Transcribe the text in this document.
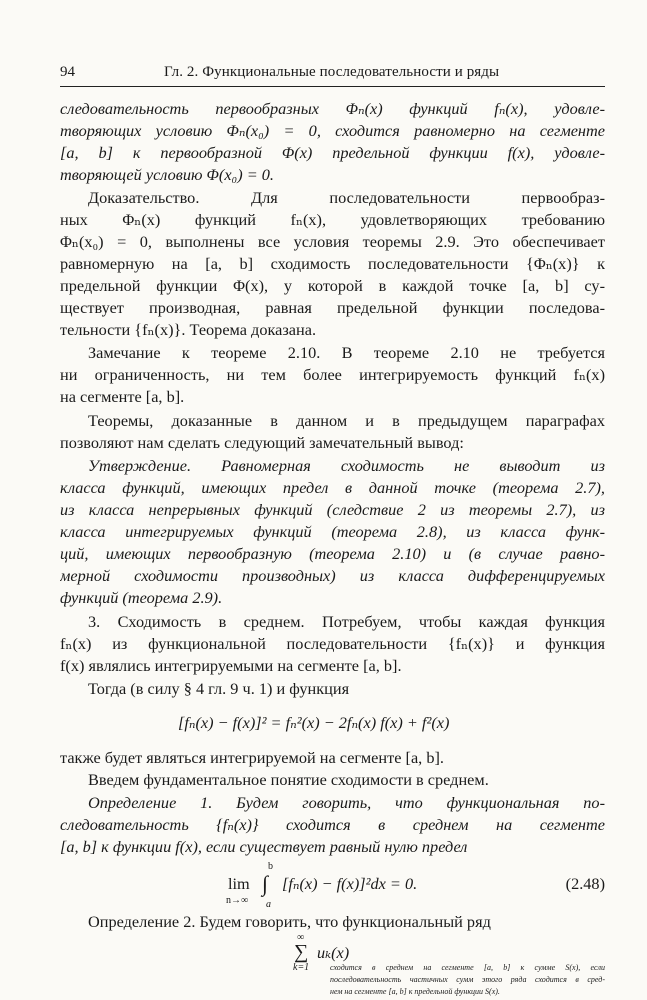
94	Гл. 2. Функциональные последовательности и ряды
следовательность первообразных Φₙ(x) функций fₙ(x), удовле-
творяющих условию Φₙ(x₀) = 0, сходится равномерно на сегменте
[a, b] к первообразной Φ(x) предельной функции f(x), удовле-
творяющей условию Φ(x₀) = 0.
Доказательство. Для последовательности первообраз-
ных Φₙ(x) функций fₙ(x), удовлетворяющих требованию
Φₙ(x₀) = 0, выполнены все условия теоремы 2.9. Это обеспечивает
равномерную на [a, b] сходимость последовательности {Φₙ(x)} к
предельной функции Φ(x), у которой в каждой точке [a, b] су-
ществует производная, равная предельной функции последова-
тельности {fₙ(x)}. Теорема доказана.
Замечание к теореме 2.10. В теореме 2.10 не требуется
ни ограниченность, ни тем более интегрируемость функций fₙ(x)
на сегменте [a, b].
Теоремы, доказанные в данном и в предыдущем параграфах
позволяют нам сделать следующий замечательный вывод:
Утверждение. Равномерная сходимость не выводит из
класса функций, имеющих предел в данной точке (теорема 2.7),
из класса непрерывных функций (следствие 2 из теоремы 2.7), из
класса интегрируемых функций (теорема 2.8), из класса функ-
ций, имеющих первообразную (теорема 2.10) и (в случае равно-
мерной сходимости производных) из класса дифференцируемых
функций (теорема 2.9).
3. Сходимость в среднем. Потребуем, чтобы каждая функция
fₙ(x) из функциональной последовательности {fₙ(x)} и функция
f(x) являлись интегрируемыми на сегменте [a, b].
Тогда (в силу § 4 гл. 9 ч. 1) и функция
[fₙ(x) − f(x)]² = fₙ²(x) − 2fₙ(x) f(x) + f²(x)
также будет являться интегрируемой на сегменте [a, b].
Введем фундаментальное понятие сходимости в среднем.
Определение 1. Будем говорить, что функциональная по-
следовательность {fₙ(x)} сходится в среднем на сегменте
[a, b] к функции f(x), если существует равный нулю предел
lim
n→∞
b
∫
a
[fₙ(x) − f(x)]²dx = 0.	(2.48)
Определение 2. Будем говорить, что функциональный ряд
∞
∑
k=1
uₖ(x)
сходится в среднем на сегменте [a, b] к сумме S(x), если
последовательность частичных сумм этого ряда сходится в сред-
нем на сегменте [a, b] к предельной функции S(x).
